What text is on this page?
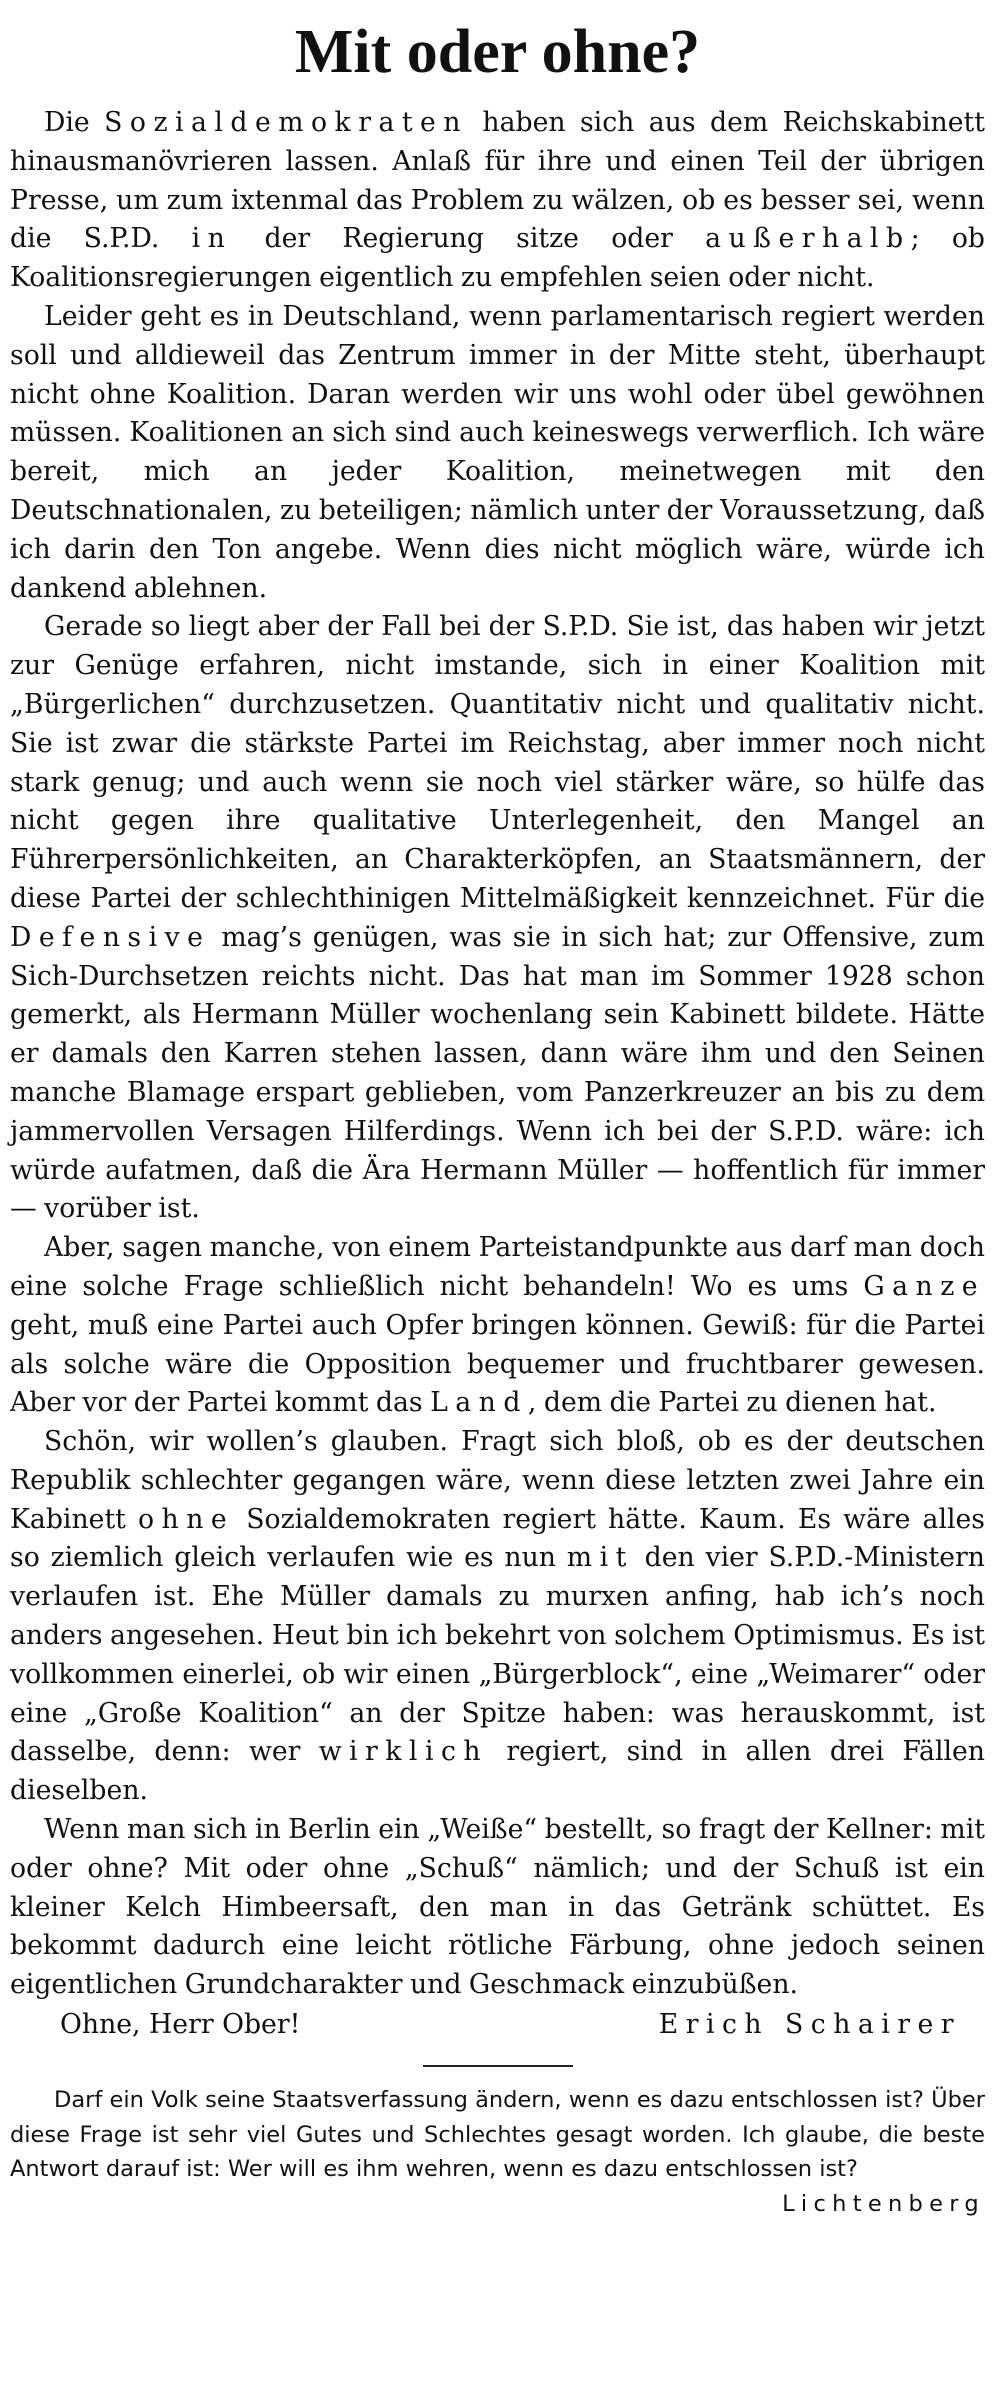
Mit oder ohne?

Die Sozialdemokraten haben sich aus dem Reichskabinett hinausmanövrieren lassen. Anlaß für ihre und einen Teil der übrigen Presse, um zum ixtenmal das Problem zu wälzen, ob es besser sei, wenn die S.P.D. in der Regierung sitze oder außerhalb; ob Koalitionsregierungen eigentlich zu empfehlen seien oder nicht.

Leider geht es in Deutschland, wenn parlamentarisch regiert werden soll und alldieweil das Zentrum immer in der Mitte steht, überhaupt nicht ohne Koalition. Daran werden wir uns wohl oder übel gewöhnen müssen. Koalitionen an sich sind auch keineswegs verwerflich. Ich wäre bereit, mich an jeder Koalition, meinetwegen mit den Deutschnationalen, zu beteiligen; nämlich unter der Voraussetzung, daß ich darin den Ton angebe. Wenn dies nicht möglich wäre, würde ich dankend ablehnen.

Gerade so liegt aber der Fall bei der S.P.D. Sie ist, das haben wir jetzt zur Genüge erfahren, nicht imstande, sich in einer Koalition mit „Bürgerlichen“ durchzusetzen. Quantitativ nicht und qualitativ nicht. Sie ist zwar die stärkste Partei im Reichstag, aber immer noch nicht stark genug; und auch wenn sie noch viel stärker wäre, so hülfe das nicht gegen ihre qualitative Unterlegenheit, den Mangel an Führerpersönlichkeiten, an Charakterköpfen, an Staatsmännern, der diese Partei der schlechthinigen Mittelmäßigkeit kennzeichnet. Für die Defensive mag’s genügen, was sie in sich hat; zur Offensive, zum Sich-Durchsetzen reichts nicht. Das hat man im Sommer 1928 schon gemerkt, als Hermann Müller wochenlang sein Kabinett bildete. Hätte er damals den Karren stehen lassen, dann wäre ihm und den Seinen manche Blamage erspart geblieben, vom Panzerkreuzer an bis zu dem jammervollen Versagen Hilferdings. Wenn ich bei der S.P.D. wäre: ich würde aufatmen, daß die Ära Hermann Müller — hoffentlich für immer — vorüber ist.

Aber, sagen manche, von einem Parteistandpunkte aus darf man doch eine solche Frage schließlich nicht behandeln! Wo es ums Ganze geht, muß eine Partei auch Opfer bringen können. Gewiß: für die Partei als solche wäre die Opposition bequemer und fruchtbarer gewesen. Aber vor der Partei kommt das Land, dem die Partei zu dienen hat.

Schön, wir wollen’s glauben. Fragt sich bloß, ob es der deutschen Republik schlechter gegangen wäre, wenn diese letzten zwei Jahre ein Kabinett ohne Sozialdemokraten regiert hätte. Kaum. Es wäre alles so ziemlich gleich verlaufen wie es nun mit den vier S.P.D.-Ministern verlaufen ist. Ehe Müller damals zu murxen anfing, hab ich’s noch anders angesehen. Heut bin ich bekehrt von solchem Optimismus. Es ist vollkommen einerlei, ob wir einen „Bürgerblock“, eine „Weimarer“ oder eine „Große Koalition“ an der Spitze haben: was herauskommt, ist dasselbe, denn: wer wirklich regiert, sind in allen drei Fällen dieselben.

Wenn man sich in Berlin ein „Weiße“ bestellt, so fragt der Kellner: mit oder ohne? Mit oder ohne „Schuß“ nämlich; und der Schuß ist ein kleiner Kelch Himbeersaft, den man in das Getränk schüttet. Es bekommt dadurch eine leicht rötliche Färbung, ohne jedoch seinen eigentlichen Grundcharakter und Geschmack einzubüßen.

Ohne, Herr Ober!	Erich Schairer

Darf ein Volk seine Staatsverfassung ändern, wenn es dazu entschlossen ist? Über diese Frage ist sehr viel Gutes und Schlechtes gesagt worden. Ich glaube, die beste Antwort darauf ist: Wer will es ihm wehren, wenn es dazu entschlossen ist?
Lichtenberg
